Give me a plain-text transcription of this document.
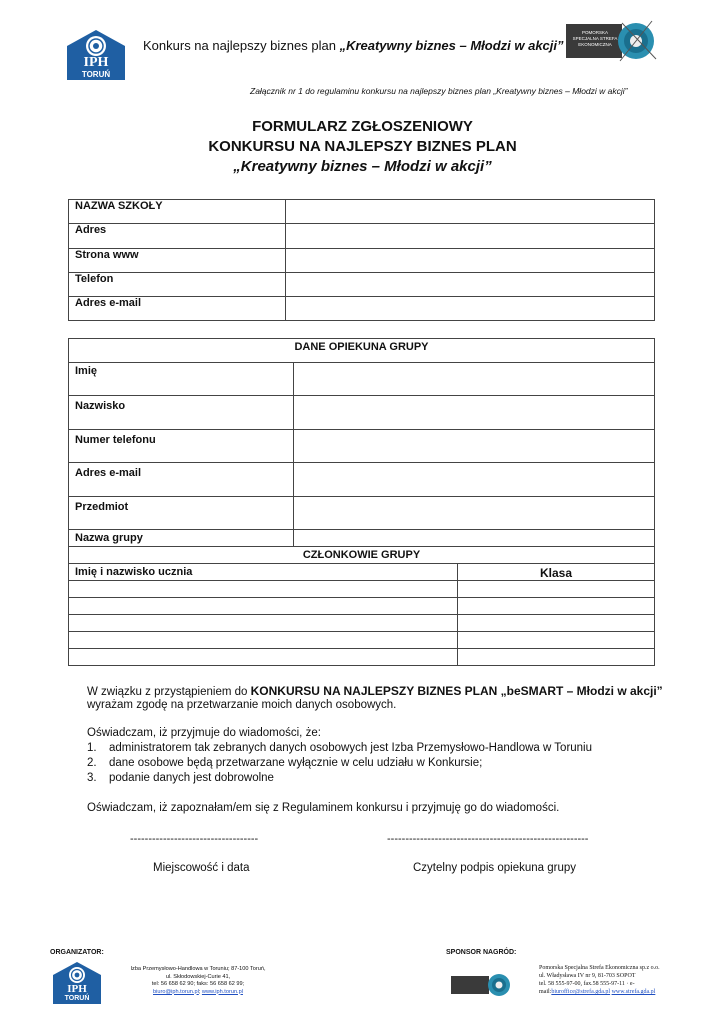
IPH
TORUŃ
Konkurs na najlepszy biznes plan „Kreatywny biznes – Młodzi w akcji”
POMORSKA
SPECJALNA STREFA
EKONOMICZNA
Załącznik nr 1 do regulaminu konkursu na najlepszy biznes plan „Kreatywny biznes – Młodzi w akcji”
FORMULARZ ZGŁOSZENIOWY
KONKURSU NA NAJLEPSZY BIZNES PLAN
„Kreatywny biznes – Młodzi w akcji”
NAZWA SZKOŁY	
Adres	
Strona www	
Telefon	
Adres e-mail	
DANE OPIEKUNA GRUPY		
Imię		
Nazwisko		
Numer telefonu		
Adres e-mail		
Przedmiot		
Nazwa grupy		
CZŁONKOWIE GRUPY		
Imię i nazwisko ucznia		Klasa

W związku z przystąpieniem do KONKURSU NA NAJLEPSZY BIZNES PLAN „beSMART – Młodzi w akcji”
wyrażam zgodę na przetwarzanie moich danych osobowych.
Oświadczam, iż przyjmuje do wiadomości, że:
1. administratorem tak zebranych danych osobowych jest Izba Przemysłowo-Handlowa w Toruniu
2. dane osobowe będą przetwarzane wyłącznie w celu udziału w Konkursie;
3. podanie danych jest dobrowolne
Oświadczam, iż zapoznałam/em się z Regulaminem konkursu i przyjmuję go do wiadomości.
-----------------------------------	-------------------------------------------------------
Miejscowość i data	Czytelny podpis opiekuna grupy
ORGANIZATOR:	SPONSOR NAGRÓD:
IPH
TORUŃ
Izba Przemysłowo-Handlowa w Toruniu; 87-100 Toruń,
ul. Skłodowskiej-Curie 41,
tel: 56 658 62 90; faks: 56 658 62 99;
biuro@iph.torun.pl; www.iph.torun.pl
Pomorska Specjalna Strefa Ekonomiczna sp.z o.o.
ul. Władysława IV nr 9, 81-703 SOPOT
tel. 58 555-97-00, fax.58 555-97-11 · e-
mail:biuroffice@strefa.gda.pl www.strefa.gda.pl
